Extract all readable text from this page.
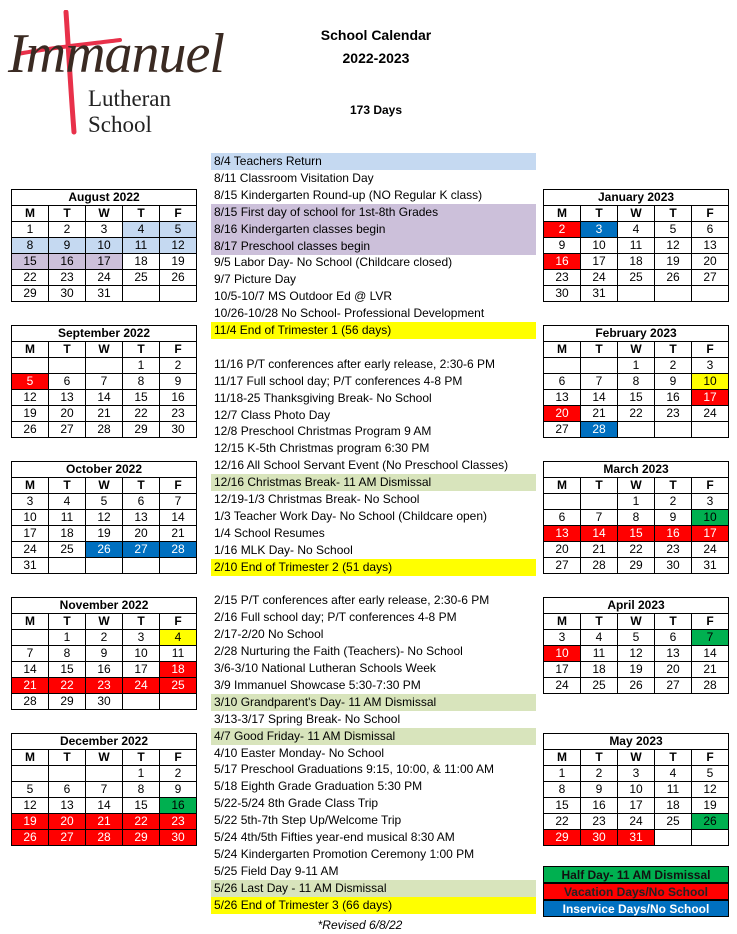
Immanuel
Lutheran School
School Calendar
2022-2023
173 Days
August 2022				
M	T	W	T	F
1	2	3	4	5
8	9	10	11	12
15	16	17	18	19
22	23	24	25	26
29	30	31		
September 2022				
M	T	W	T	F
			1	2
5	6	7	8	9
12	13	14	15	16
19	20	21	22	23
26	27	28	29	30
October 2022				
M	T	W	T	F
3	4	5	6	7
10	11	12	13	14
17	18	19	20	21
24	25	26	27	28
31				
November 2022				
M	T	W	T	F
	1	2	3	4
7	8	9	10	11
14	15	16	17	18
21	22	23	24	25
28	29	30		
December 2022				
M	T	W	T	F
			1	2
5	6	7	8	9
12	13	14	15	16
19	20	21	22	23
26	27	28	29	30
January 2023				
M	T	W	T	F
2	3	4	5	6
9	10	11	12	13
16	17	18	19	20
23	24	25	26	27
30	31			
February 2023				
M	T	W	T	F
		1	2	3
6	7	8	9	10
13	14	15	16	17
20	21	22	23	24
27	28			
March 2023				
M	T	W	T	F
		1	2	3
6	7	8	9	10
13	14	15	16	17
20	21	22	23	24
27	28	29	30	31
April 2023				
M	T	W	T	F
3	4	5	6	7
10	11	12	13	14
17	18	19	20	21
24	25	26	27	28
May 2023				
M	T	W	T	F
1	2	3	4	5
8	9	10	11	12
15	16	17	18	19
22	23	24	25	26
29	30	31		
8/4 Teachers Return
8/11 Classroom Visitation Day
8/15 Kindergarten Round-up (NO Regular K class)
8/15 First day of school for 1st-8th Grades
8/16 Kindergarten classes begin
8/17 Preschool classes begin
9/5 Labor Day- No School (Childcare closed)
9/7 Picture Day
10/5-10/7 MS Outdoor Ed @ LVR
10/26-10/28 No School- Professional Development
11/4 End of Trimester 1 (56 days)
11/16 P/T conferences after early release, 2:30-6 PM
11/17 Full school day; P/T conferences 4-8 PM
11/18-25 Thanksgiving Break- No School
12/7 Class Photo Day
12/8 Preschool Christmas Program 9 AM
12/15 K-5th Christmas program 6:30 PM
12/16 All School Servant Event (No Preschool Classes)
12/16 Christmas Break- 11 AM Dismissal
12/19-1/3 Christmas Break- No School
1/3 Teacher Work Day- No School (Childcare open)
1/4 School Resumes
1/16 MLK Day- No School
2/10 End of Trimester 2 (51 days)
2/15 P/T conferences after early release, 2:30-6 PM
2/16 Full school day; P/T conferences 4-8 PM
2/17-2/20 No School
2/28 Nurturing the Faith (Teachers)- No School
3/6-3/10 National Lutheran Schools Week
3/9 Immanuel Showcase 5:30-7:30 PM
3/10 Grandparent's Day- 11 AM Dismissal
3/13-3/17 Spring Break- No School
4/7 Good Friday- 11 AM Dismissal
4/10 Easter Monday- No School
5/17 Preschool Graduations 9:15, 10:00, & 11:00 AM
5/18 Eighth Grade Graduation 5:30 PM
5/22-5/24 8th Grade Class Trip
5/22 5th-7th Step Up/Welcome Trip
5/24 4th/5th Fifties year-end musical 8:30 AM
5/24 Kindergarten Promotion Ceremony 1:00 PM
5/25 Field Day 9-11 AM
5/26 Last Day - 11 AM Dismissal
5/26 End of Trimester 3 (66 days)
Half Day- 11 AM Dismissal
Vacation Days/No School
Inservice Days/No School
*Revised 6/8/22
